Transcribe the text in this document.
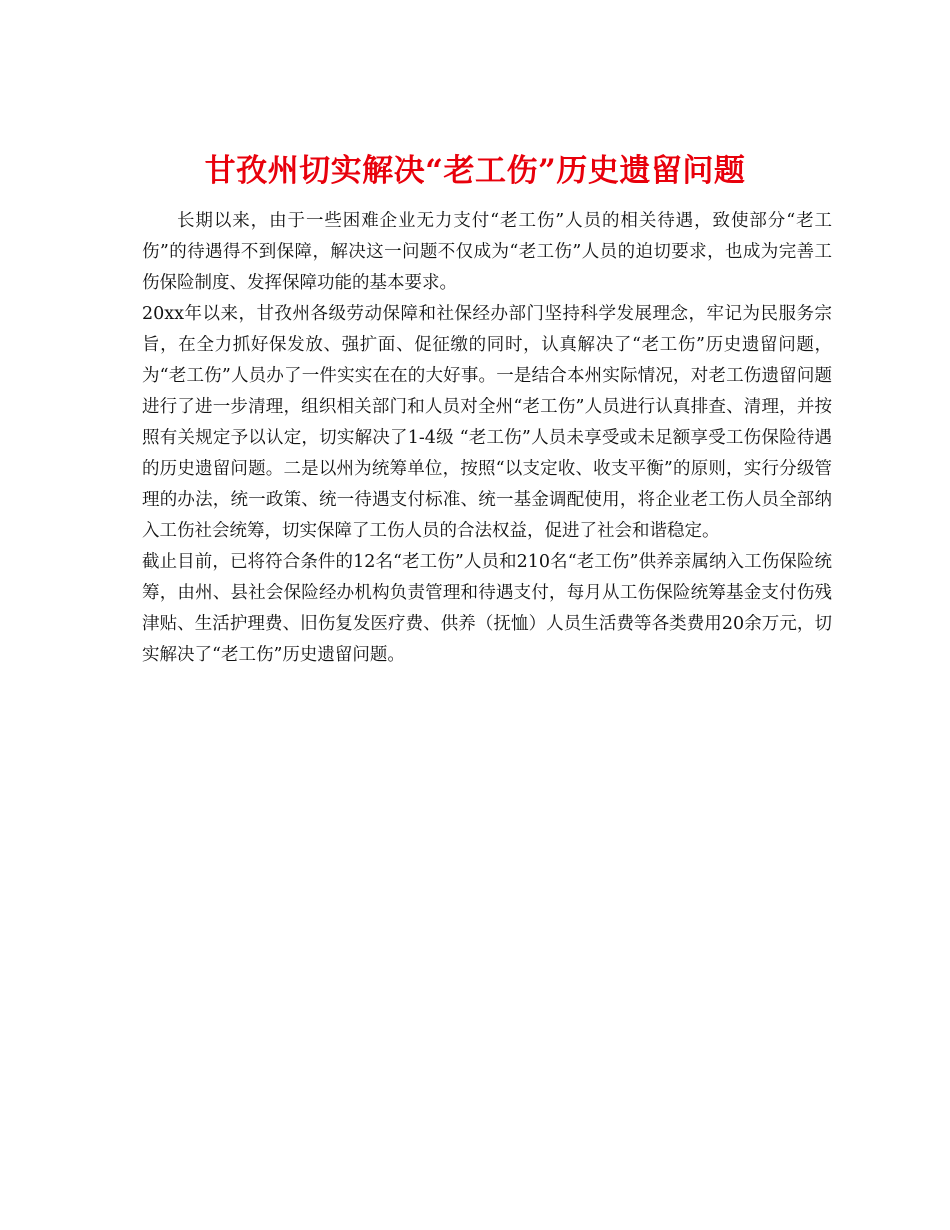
甘孜州切实解决“老工伤”历史遗留问题

长期以来，由于一些困难企业无力支付“老工伤”人员的相关待遇，致使部分“老工伤”的待遇得不到保障，解决这一问题不仅成为“老工伤”人员的迫切要求，也成为完善工伤保险制度、发挥保障功能的基本要求。

20xx年以来，甘孜州各级劳动保障和社保经办部门坚持科学发展理念，牢记为民服务宗旨，在全力抓好保发放、强扩面、促征缴的同时，认真解决了“老工伤”历史遗留问题，为“老工伤”人员办了一件实实在在的大好事。一是结合本州实际情况，对老工伤遗留问题进行了进一步清理，组织相关部门和人员对全州“老工伤”人员进行认真排查、清理，并按照有关规定予以认定，切实解决了1-4级 “老工伤”人员未享受或未足额享受工伤保险待遇的历史遗留问题。二是以州为统筹单位，按照“以支定收、收支平衡”的原则，实行分级管理的办法，统一政策、统一待遇支付标准、统一基金调配使用，将企业老工伤人员全部纳入工伤社会统筹，切实保障了工伤人员的合法权益，促进了社会和谐稳定。

截止目前，已将符合条件的12名“老工伤”人员和210名“老工伤”供养亲属纳入工伤保险统筹，由州、县社会保险经办机构负责管理和待遇支付，每月从工伤保险统筹基金支付伤残津贴、生活护理费、旧伤复发医疗费、供养（抚恤）人员生活费等各类费用20余万元，切实解决了“老工伤”历史遗留问题。
